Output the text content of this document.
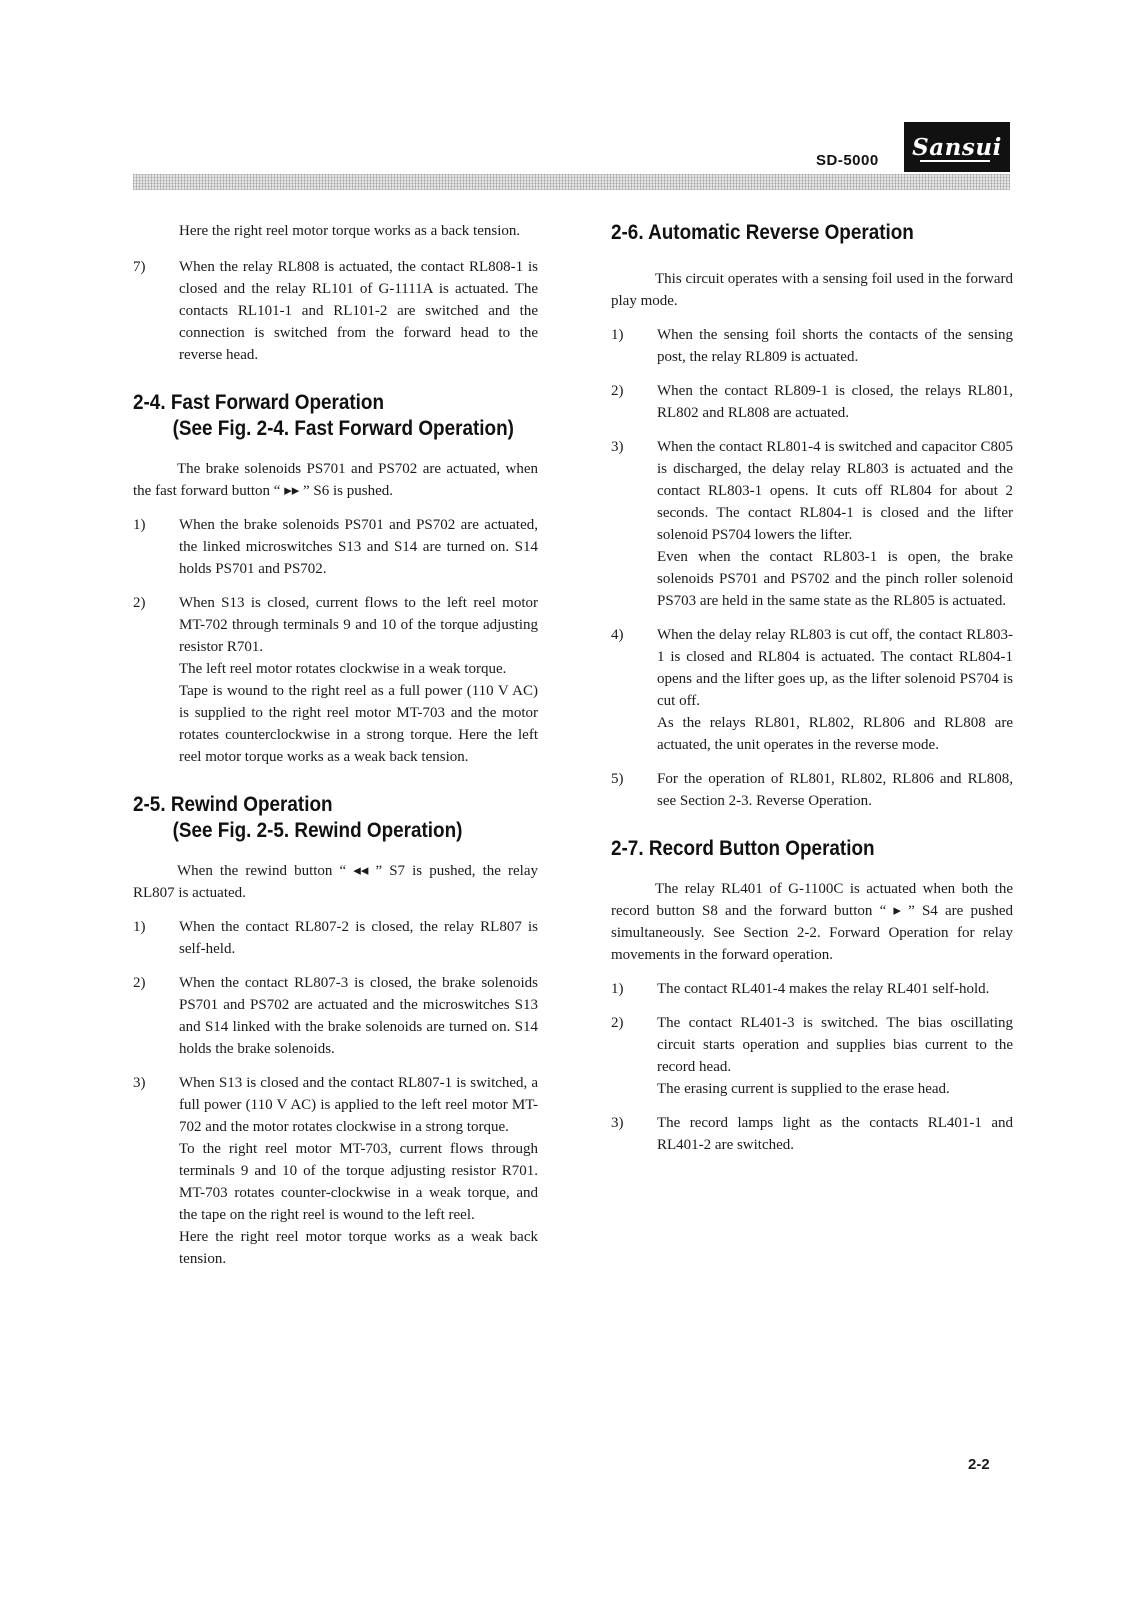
SD-5000 Sansui

Here the right reel motor torque works as a back tension.

7)	When the relay RL808 is actuated, the contact RL808-1 is closed and the relay RL101 of G-1111A is actuated. The contacts RL101-1 and RL101-2 are switched and the connection is switched from the forward head to the reverse head.

2-4. Fast Forward Operation
(See Fig. 2-4. Fast Forward Operation)

The brake solenoids PS701 and PS702 are actuated, when the fast forward button “ ▸▸ ” S6 is pushed.

1)	When the brake solenoids PS701 and PS702 are actuated, the linked microswitches S13 and S14 are turned on. S14 holds PS701 and PS702.

2)	When S13 is closed, current flows to the left reel motor MT-702 through terminals 9 and 10 of the torque adjusting resistor R701.

The left reel motor rotates clockwise in a weak torque.

Tape is wound to the right reel as a full power (110 V AC) is supplied to the right reel motor MT-703 and the motor rotates counterclockwise in a strong torque. Here the left reel motor torque works as a weak back tension.

2-5. Rewind Operation
(See Fig. 2-5. Rewind Operation)

When the rewind button “ ◂◂ ” S7 is pushed, the relay RL807 is actuated.

1)	When the contact RL807-2 is closed, the relay RL807 is self-held.

2)	When the contact RL807-3 is closed, the brake solenoids PS701 and PS702 are actuated and the microswitches S13 and S14 linked with the brake solenoids are turned on. S14 holds the brake solenoids.

3)	When S13 is closed and the contact RL807-1 is switched, a full power (110 V AC) is applied to the left reel motor MT-702 and the motor rotates clockwise in a strong torque.

To the right reel motor MT-703, current flows through terminals 9 and 10 of the torque adjusting resistor R701. MT-703 rotates counter-clockwise in a weak torque, and the tape on the right reel is wound to the left reel.

Here the right reel motor torque works as a weak back tension.

2-6. Automatic Reverse Operation

This circuit operates with a sensing foil used in the forward play mode.

1)	When the sensing foil shorts the contacts of the sensing post, the relay RL809 is actuated.

2)	When the contact RL809-1 is closed, the relays RL801, RL802 and RL808 are actuated.

3)	When the contact RL801-4 is switched and capacitor C805 is discharged, the delay relay RL803 is actuated and the contact RL803-1 opens. It cuts off RL804 for about 2 seconds. The contact RL804-1 is closed and the lifter solenoid PS704 lowers the lifter.

Even when the contact RL803-1 is open, the brake solenoids PS701 and PS702 and the pinch roller solenoid PS703 are held in the same state as the RL805 is actuated.

4)	When the delay relay RL803 is cut off, the contact RL803-1 is closed and RL804 is actuated. The contact RL804-1 opens and the lifter goes up, as the lifter solenoid PS704 is cut off.

As the relays RL801, RL802, RL806 and RL808 are actuated, the unit operates in the reverse mode.

5)	For the operation of RL801, RL802, RL806 and RL808, see Section 2-3. Reverse Operation.

2-7. Record Button Operation

The relay RL401 of G-1100C is actuated when both the record button S8 and the forward button “ ▸ ” S4 are pushed simultaneously. See Section 2-2. Forward Operation for relay movements in the forward operation.

1)	The contact RL401-4 makes the relay RL401 self-hold.

2)	The contact RL401-3 is switched. The bias oscillating circuit starts operation and supplies bias current to the record head.

The erasing current is supplied to the erase head.

3)	The record lamps light as the contacts RL401-1 and RL401-2 are switched.

2-2
